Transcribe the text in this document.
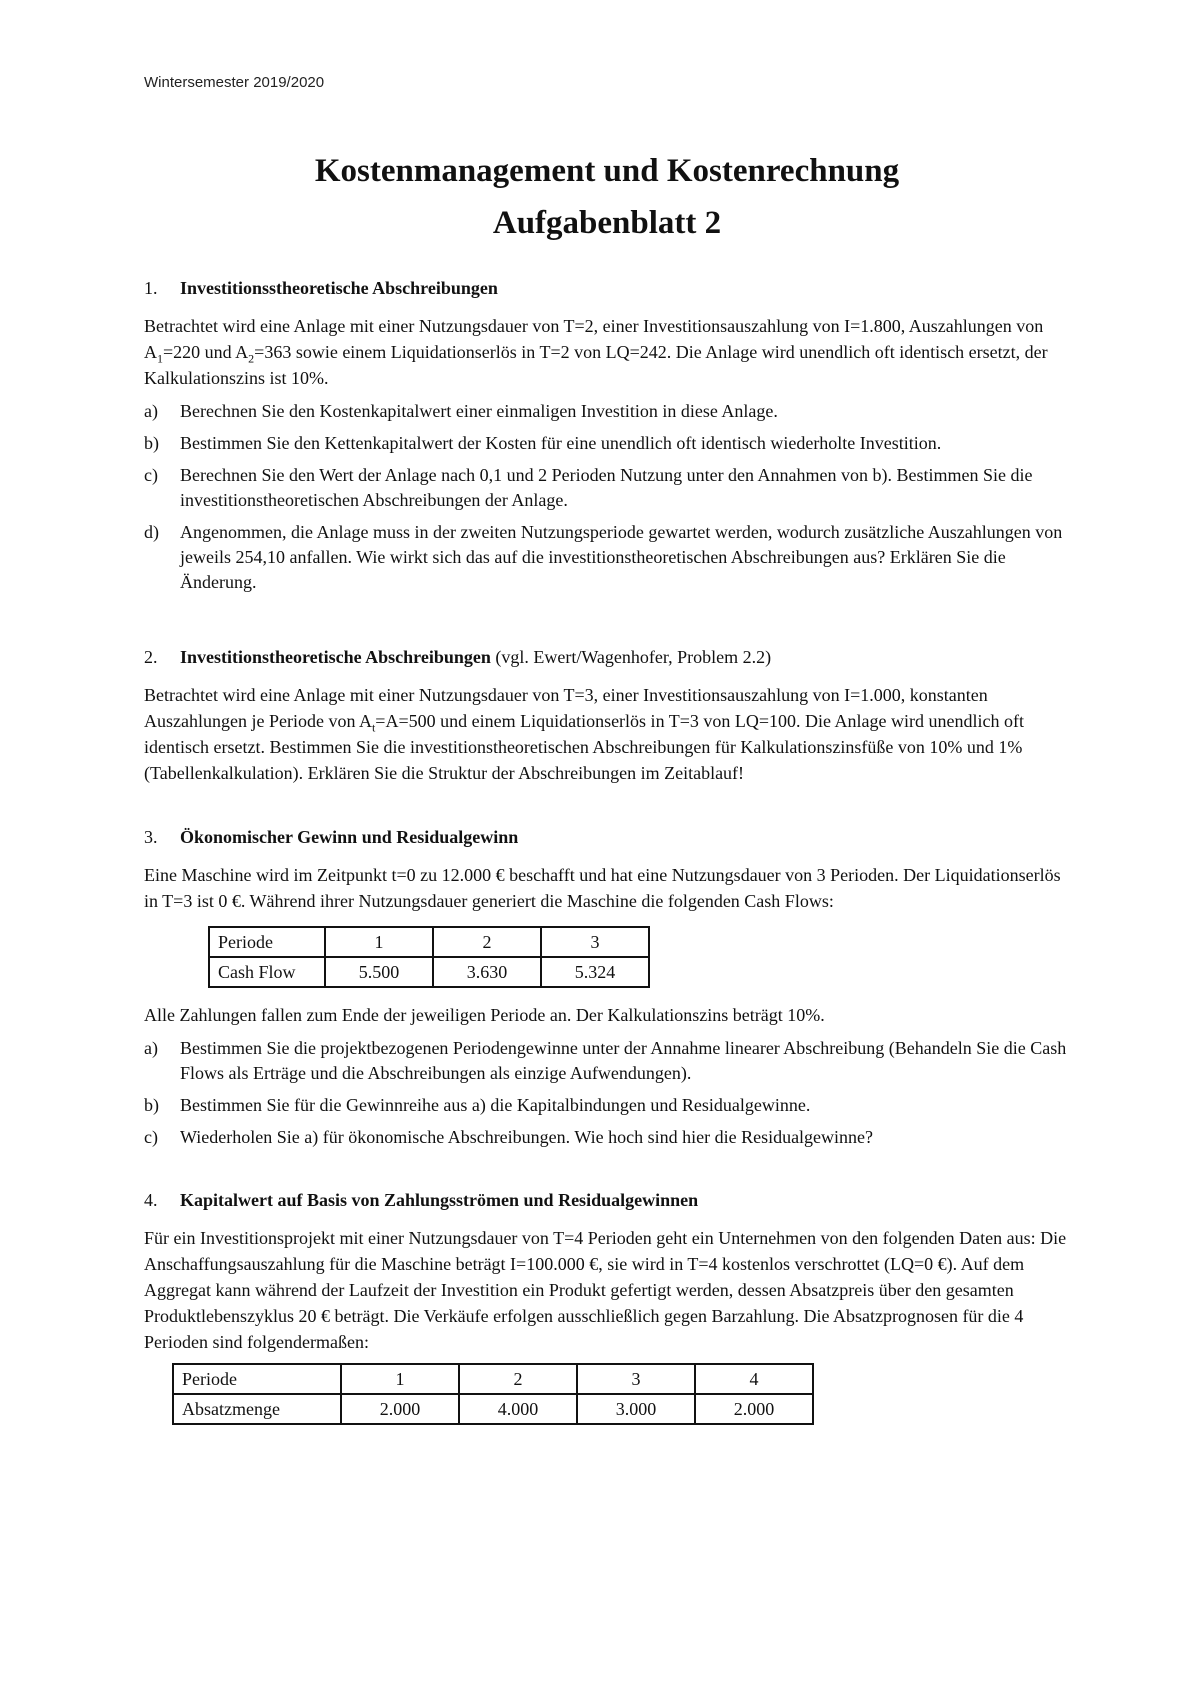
Wintersemester 2019/2020
Kostenmanagement und Kostenrechnung
Aufgabenblatt 2
1. Investitionsstheoretische Abschreibungen

Betrachtet wird eine Anlage mit einer Nutzungsdauer von T=2, einer Investitionsauszahlung von I=1.800, Auszahlungen von $A_1=220$ und $A_2=363$ sowie einem Liquidationserlös in T=2 von LQ=242. Die Anlage wird unendlich oft identisch ersetzt, der Kalkulationszins ist 10%.

a)	Berechnen Sie den Kostenkapitalwert einer einmaligen Investition in diese Anlage.
b)	Bestimmen Sie den Kettenkapitalwert der Kosten für eine unendlich oft identisch wiederholte Investition.
c)	Berechnen Sie den Wert der Anlage nach 0,1 und 2 Perioden Nutzung unter den Annahmen von b). Bestimmen Sie die investitionstheoretischen Abschreibungen der Anlage.
d)	Angenommen, die Anlage muss in der zweiten Nutzungsperiode gewartet werden, wodurch zusätzliche Auszahlungen von jeweils 254,10 anfallen. Wie wirkt sich das auf die investitionstheoretischen Abschreibungen aus? Erklären Sie die Änderung.
2. Investitionstheoretische Abschreibungen (vgl. Ewert/Wagenhofer, Problem 2.2)

Betrachtet wird eine Anlage mit einer Nutzungsdauer von T=3, einer Investitionsauszahlung von I=1.000, konstanten Auszahlungen je Periode von $A_t=A=500$ und einem Liquidationserlös in T=3 von LQ=100. Die Anlage wird unendlich oft identisch ersetzt. Bestimmen Sie die investitionstheoretischen Abschreibungen für Kalkulationszinsfüße von 10% und 1% (Tabellenkalkulation). Erklären Sie die Struktur der Abschreibungen im Zeitablauf!

3. Ökonomischer Gewinn und Residualgewinn

Eine Maschine wird im Zeitpunkt t=0 zu 12.000 € beschafft und hat eine Nutzungsdauer von 3 Perioden. Der Liquidationserlös in T=3 ist 0 €. Während ihrer Nutzungsdauer generiert die Maschine die folgenden Cash Flows:

Periode	1	2	3
Cash Flow	5.500	3.630	5.324

Alle Zahlungen fallen zum Ende der jeweiligen Periode an. Der Kalkulationszins beträgt 10%.

a)	Bestimmen Sie die projektbezogenen Periodengewinne unter der Annahme linearer Abschreibung (Behandeln Sie die Cash Flows als Erträge und die Abschreibungen als einzige Aufwendungen).
b)	Bestimmen Sie für die Gewinnreihe aus a) die Kapitalbindungen und Residualgewinne.
c)	Wiederholen Sie a) für ökonomische Abschreibungen. Wie hoch sind hier die Residualgewinne?
4. Kapitalwert auf Basis von Zahlungsströmen und Residualgewinnen

Für ein Investitionsprojekt mit einer Nutzungsdauer von T=4 Perioden geht ein Unternehmen von den folgenden Daten aus: Die Anschaffungsauszahlung für die Maschine beträgt I=100.000 €, sie wird in T=4 kostenlos verschrottet (LQ=0 €). Auf dem Aggregat kann während der Laufzeit der Investition ein Produkt gefertigt werden, dessen Absatzpreis über den gesamten Produktlebenszyklus 20 € beträgt. Die Verkäufe erfolgen ausschließlich gegen Barzahlung. Die Absatzprognosen für die 4 Perioden sind folgendermaßen:

Periode	1	2	3	4
Absatzmenge	2.000	4.000	3.000	2.000
